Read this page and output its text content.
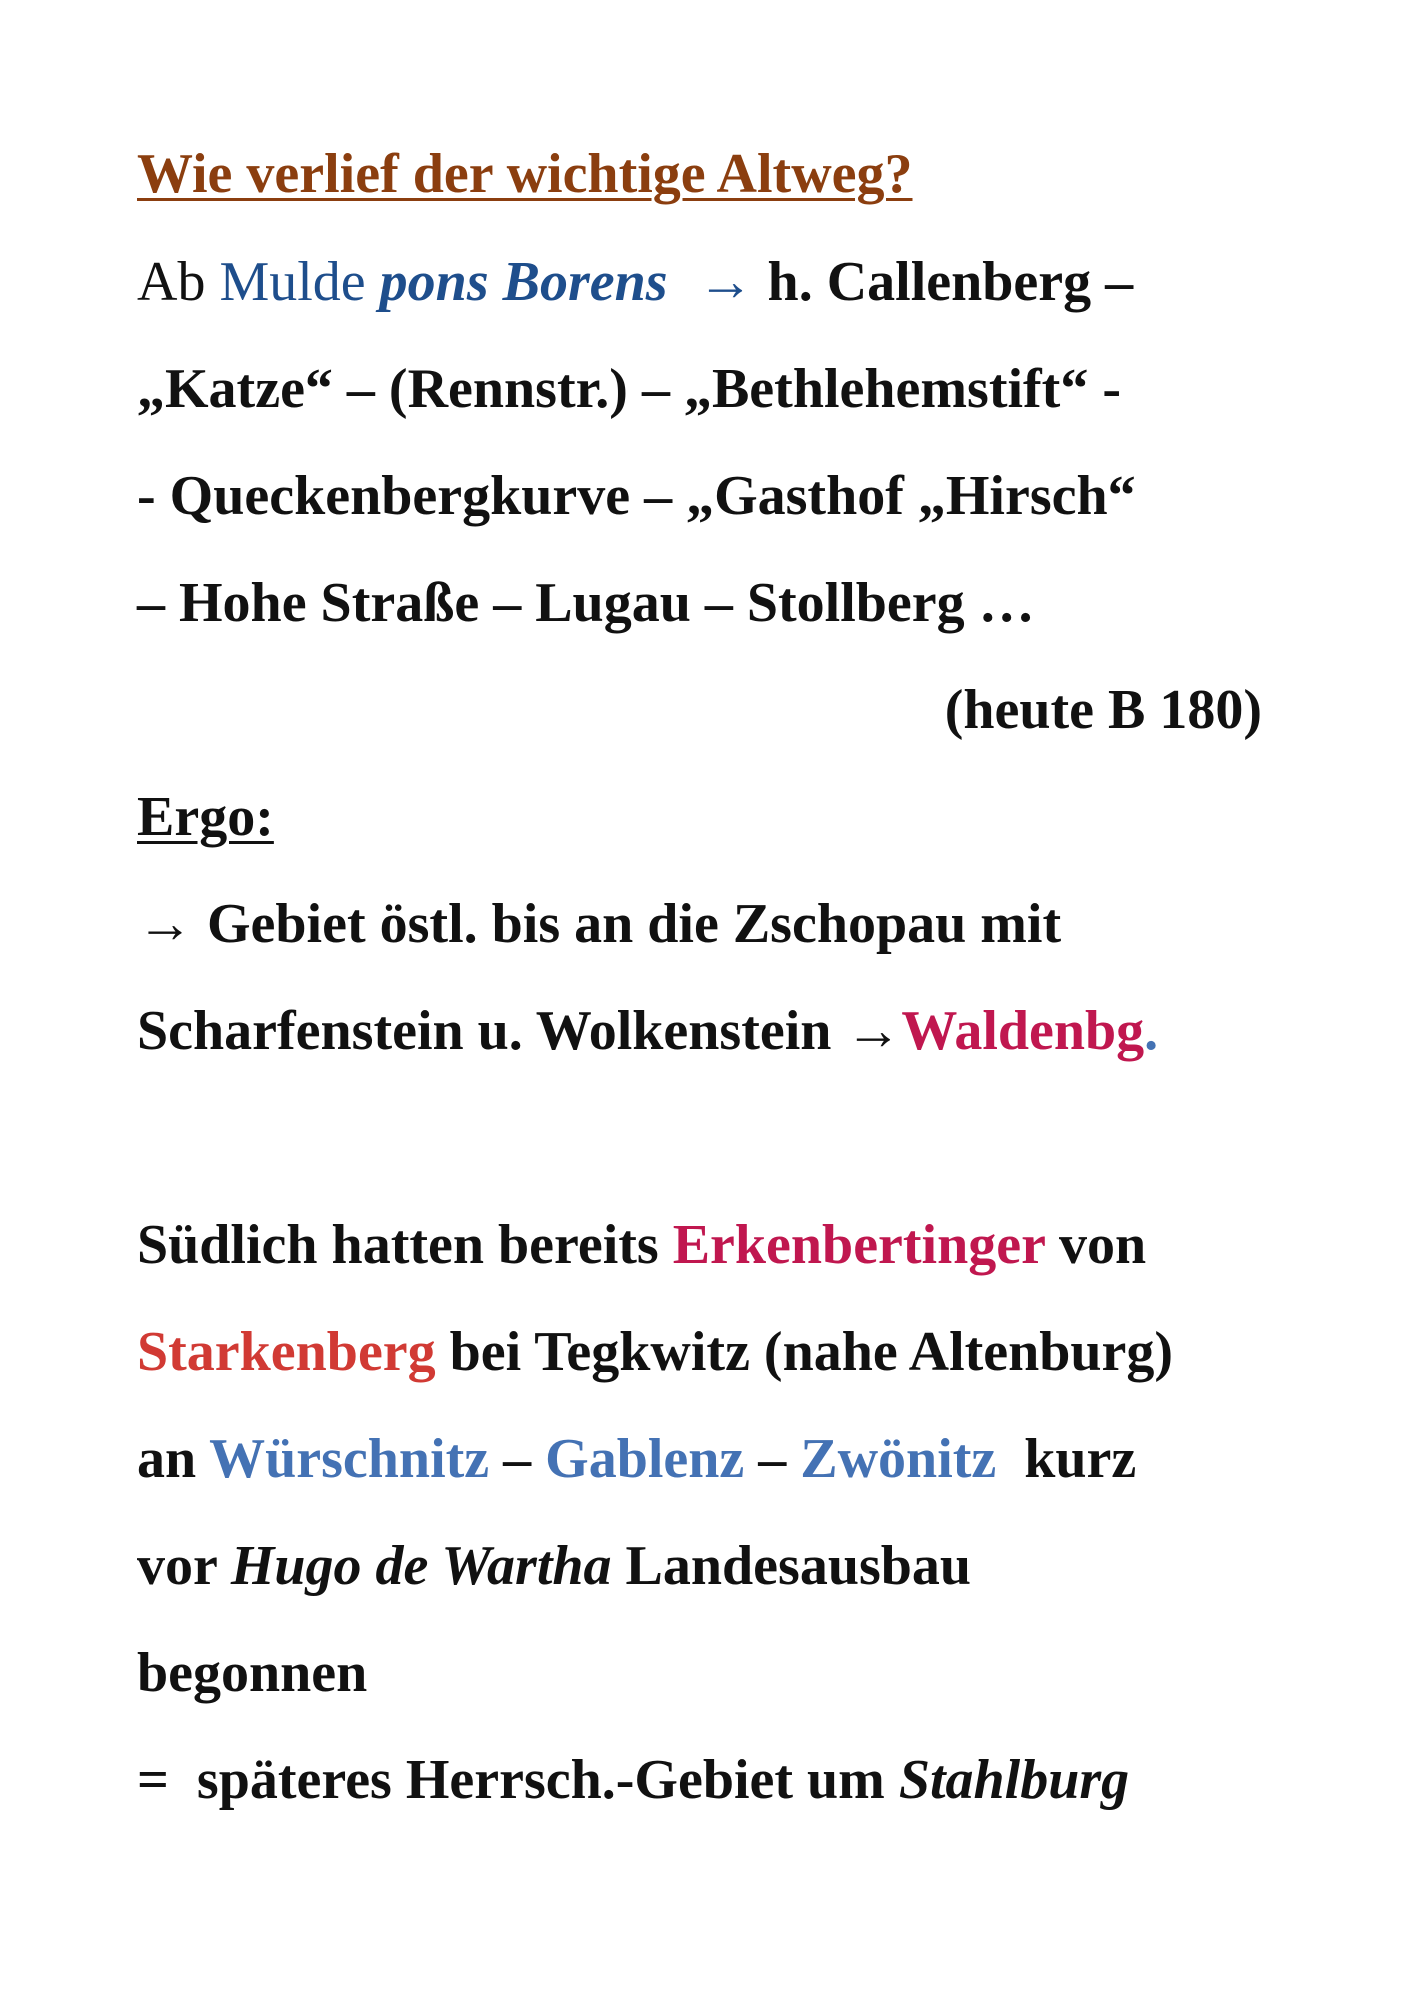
Wie verlief der wichtige Altweg?
Ab Mulde pons Borens → h. Callenberg –
„Katze“ – (Rennstr.) – „Bethlehemstift“ -
- Queckenbergkurve – „Gasthof „Hirsch“
– Hohe Straße – Lugau – Stollberg …
(heute B 180)
Ergo:
→ Gebiet östl. bis an die Zschopau mit
Scharfenstein u. Wolkenstein →Waldenbg.
Südlich hatten bereits Erkenbertinger von
Starkenberg bei Tegkwitz (nahe Altenburg)
an Würschnitz – Gablenz – Zwönitz  kurz
vor Hugo de Wartha Landesausbau
begonnen
=  späteres Herrsch.-Gebiet um Stahlburg
